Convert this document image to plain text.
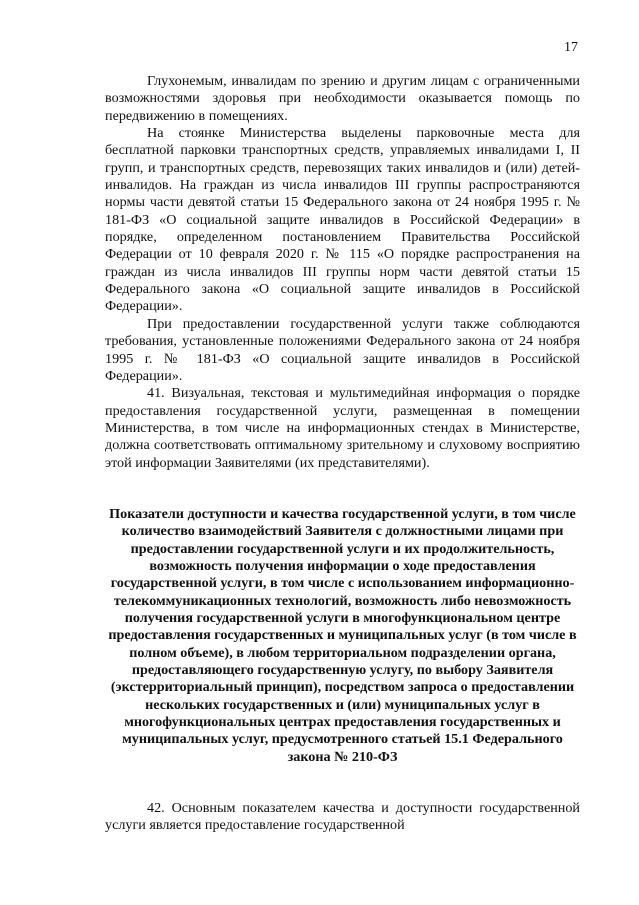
17

Глухонемым, инвалидам по зрению и другим лицам с ограниченными возможностями здоровья при необходимости оказывается помощь по передвижению в помещениях.

На стоянке Министерства выделены парковочные места для бесплатной парковки транспортных средств, управляемых инвалидами I, II групп, и транспортных средств, перевозящих таких инвалидов и (или) детей-инвалидов. На граждан из числа инвалидов III группы распространяются нормы части девятой статьи 15 Федерального закона от 24 ноября 1995 г. № 181-ФЗ «О социальной защите инвалидов в Российской Федерации» в порядке, определенном постановлением Правительства Российской Федерации от 10 февраля 2020 г. № 115 «О порядке распространения на граждан из числа инвалидов III группы норм части девятой статьи 15 Федерального закона «О социальной защите инвалидов в Российской Федерации».

При предоставлении государственной услуги также соблюдаются требования, установленные положениями Федерального закона от 24 ноября 1995 г. № 181-ФЗ «О социальной защите инвалидов в Российской Федерации».

41. Визуальная, текстовая и мультимедийная информация о порядке предоставления государственной услуги, размещенная в помещении Министерства, в том числе на информационных стендах в Министерстве, должна соответствовать оптимальному зрительному и слуховому восприятию этой информации Заявителями (их представителями).

Показатели доступности и качества государственной услуги, в том числе количество взаимодействий Заявителя с должностными лицами при предоставлении государственной услуги и их продолжительность, возможность получения информации о ходе предоставления государственной услуги, в том числе с использованием информационно-телекоммуникационных технологий, возможность либо невозможность получения государственной услуги в многофункциональном центре предоставления государственных и муниципальных услуг (в том числе в полном объеме), в любом территориальном подразделении органа, предоставляющего государственную услугу, по выбору Заявителя (экстерриториальный принцип), посредством запроса о предоставлении нескольких государственных и (или) муниципальных услуг в многофункциональных центрах предоставления государственных и муниципальных услуг, предусмотренного статьей 15.1 Федерального закона № 210-ФЗ

42. Основным показателем качества и доступности государственной услуги является предоставление государственной
